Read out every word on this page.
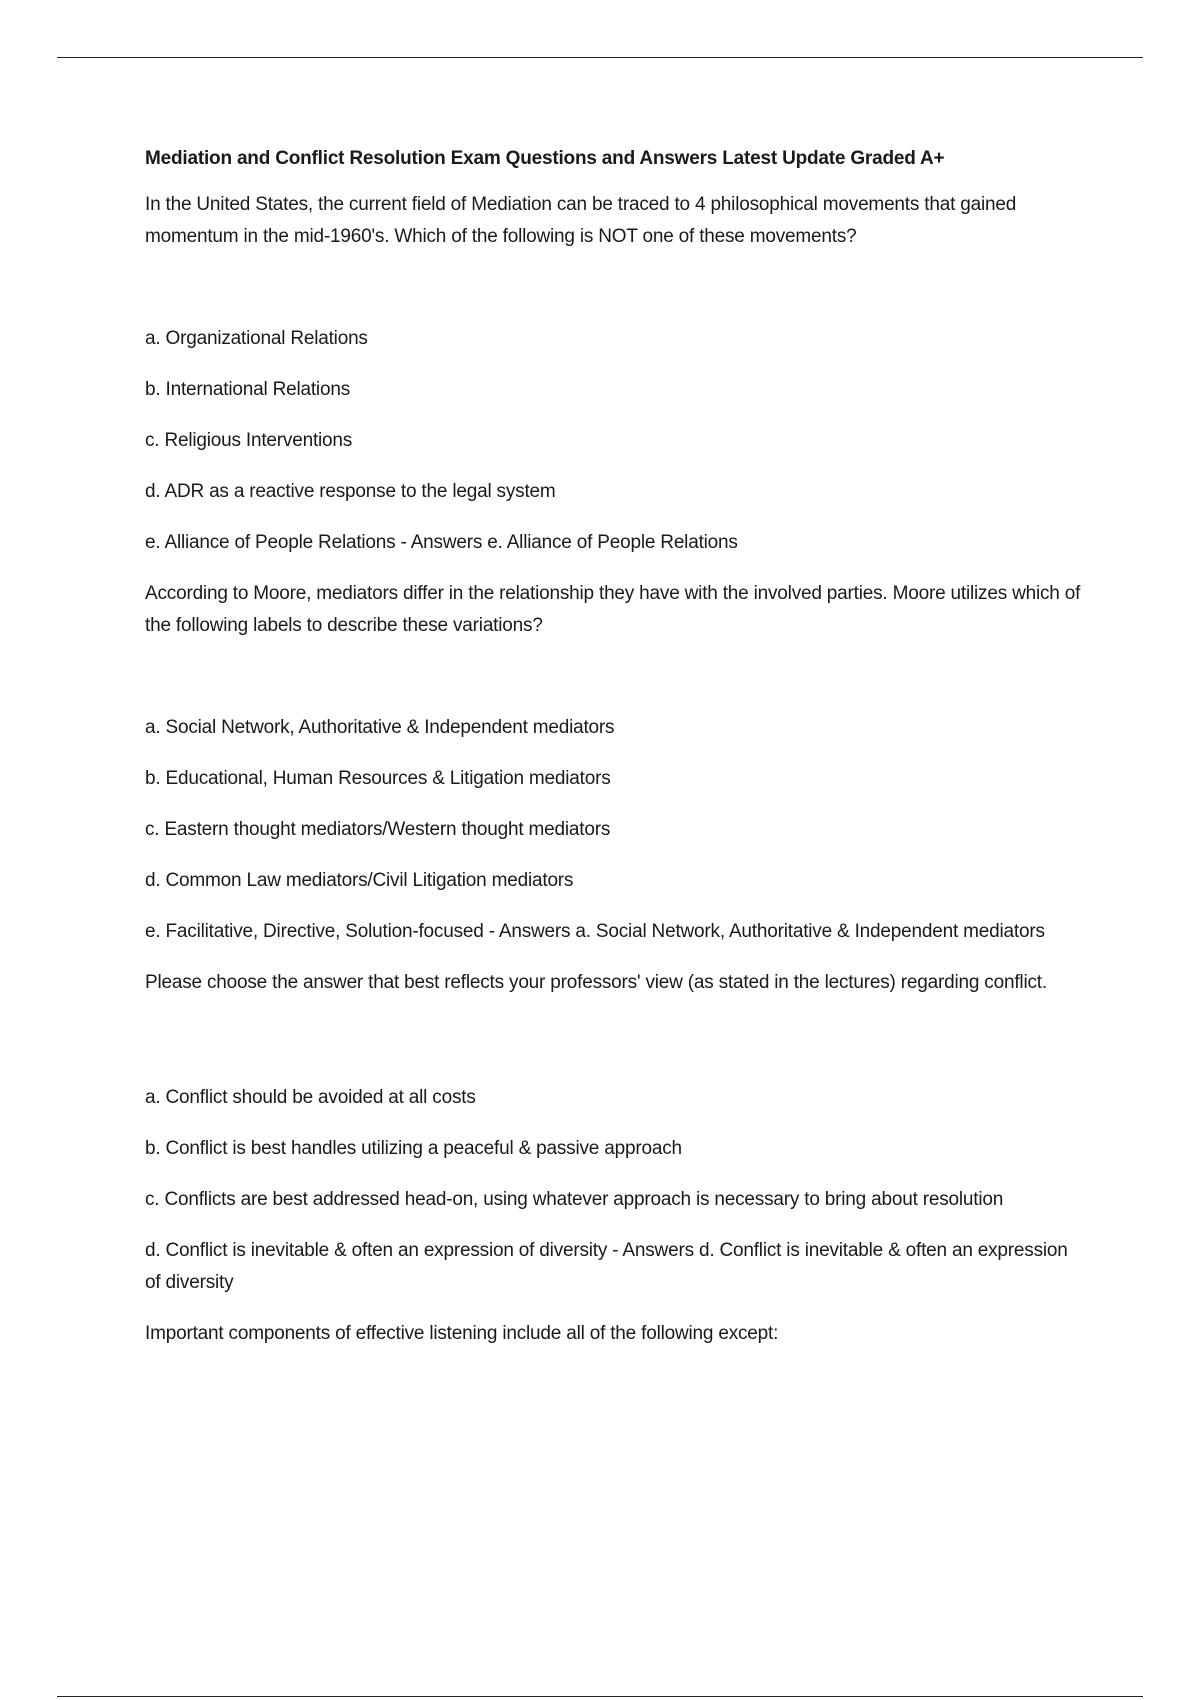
Mediation and Conflict Resolution Exam Questions and Answers Latest Update Graded A+

In the United States, the current field of Mediation can be traced to 4 philosophical movements that gained momentum in the mid-1960's. Which of the following is NOT one of these movements?

a. Organizational Relations

b. International Relations

c. Religious Interventions

d. ADR as a reactive response to the legal system

e. Alliance of People Relations - Answers e. Alliance of People Relations

According to Moore, mediators differ in the relationship they have with the involved parties. Moore utilizes which of the following labels to describe these variations?

a. Social Network, Authoritative & Independent mediators

b. Educational, Human Resources & Litigation mediators

c. Eastern thought mediators/Western thought mediators

d. Common Law mediators/Civil Litigation mediators

e. Facilitative, Directive, Solution-focused - Answers a. Social Network, Authoritative & Independent mediators

Please choose the answer that best reflects your professors' view (as stated in the lectures) regarding conflict.

a. Conflict should be avoided at all costs

b. Conflict is best handles utilizing a peaceful & passive approach

c. Conflicts are best addressed head-on, using whatever approach is necessary to bring about resolution

d. Conflict is inevitable & often an expression of diversity - Answers d. Conflict is inevitable & often an expression of diversity

Important components of effective listening include all of the following except:
